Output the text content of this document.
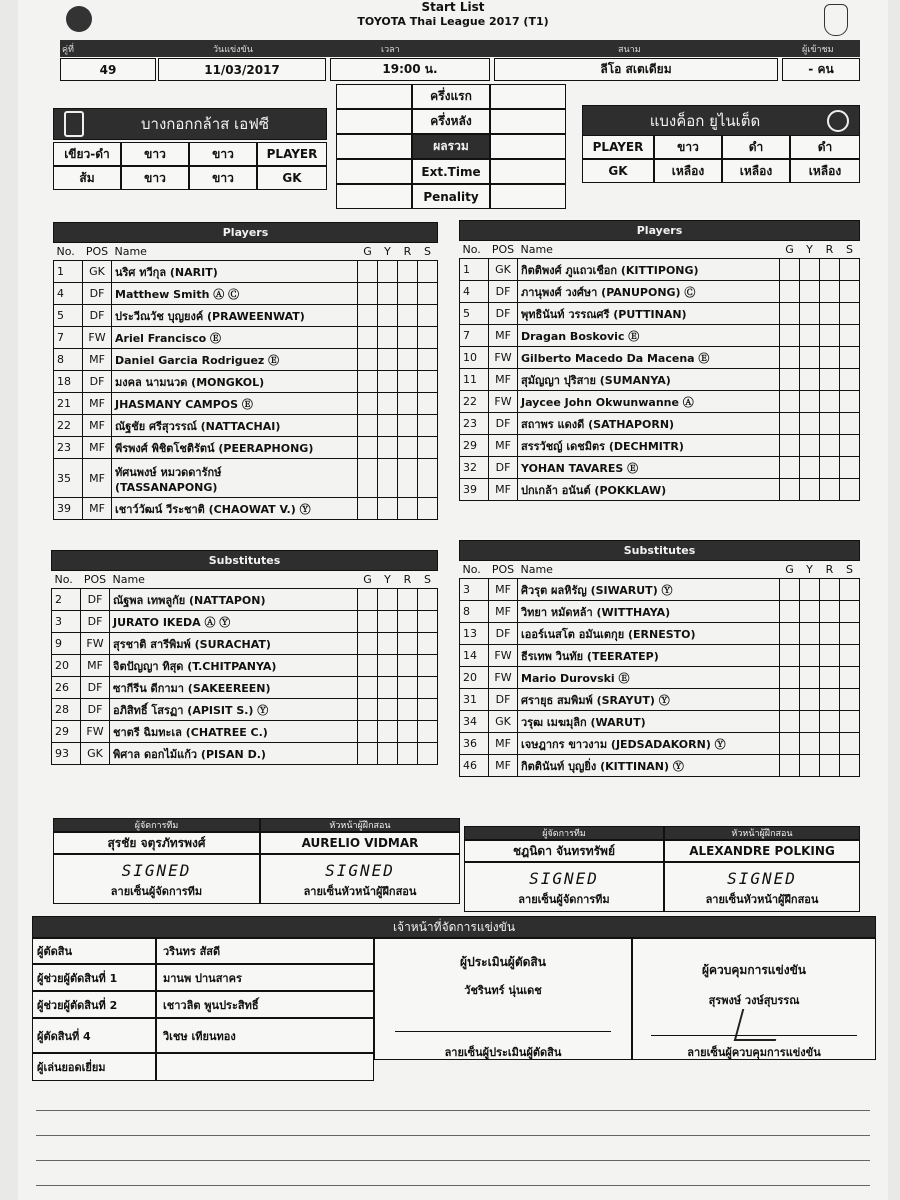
Start List
TOYOTA Thai League 2017 (T1)
คู่ที่	วันแข่งขัน	เวลา	สนาม	ผู้เข้าชม
49	11/03/2017	19:00 น.	ลีโอ สเตเดียม	- คน
บางกอกกล้าส เอฟซี
เขียว-ดำ	ขาว	ขาว	PLAYER
ส้ม	ขาว	ขาว	GK
ครึ่งแรก
ครึ่งหลัง
ผลรวม
Ext.Time
Penality
แบงค็อก ยูไนเต็ด
PLAYER	ขาว	ดำ	ดำ
GK	เหลือง	เหลือง	เหลือง
Players						
No.	POS	Name	G	Y	R	S
1	GK	นริศ ทวีกุล (NARIT)				

4	DF	Matthew Smith Ⓐ Ⓒ				

5	DF	ประวีณวัช บุญยงค์ (PRAWEENWAT)				

7	FW	Ariel Francisco Ⓔ				

8	MF	Daniel Garcia Rodriguez Ⓔ				

18	DF	มงคล นามนวด (MONGKOL)				

21	MF	JHASMANY CAMPOS Ⓔ				

22	MF	ณัฐชัย ศรีสุวรรณ์ (NATTACHAI)				

23	MF	พีรพงศ์ พิชิตโชติรัตน์ (PEERAPHONG)				

35	MF	ทัศนพงษ์ หมวดดารักษ์
(TASSANAPONG)				

39	MF	เชาว์วัฒน์ วีระชาติ (CHAOWAT V.) Ⓨ				

Players						
No.	POS	Name	G	Y	R	S
1	GK	กิตติพงศ์ ภูแถวเชือก (KITTIPONG)				

4	DF	ภานุพงศ์ วงศ์ษา (PANUPONG) Ⓒ				

5	DF	พุทธินันท์ วรรณศรี (PUTTINAN)				

7	MF	Dragan Boskovic Ⓔ				

10	FW	Gilberto Macedo Da Macena Ⓔ				

11	MF	สุมัญญา ปุริสาย (SUMANYA)				

22	FW	Jaycee John Okwunwanne Ⓐ				

23	DF	สถาพร แดงดี (SATHAPORN)				

29	MF	สรรวัชญ์ เดชมิตร (DECHMITR)				

32	DF	YOHAN TAVARES Ⓔ				

39	MF	ปกเกล้า อนันต์ (POKKLAW)				

Substitutes						
No.	POS	Name	G	Y	R	S
2	DF	ณัฐพล เทพลูกัย (NATTAPON)				

3	DF	JURATO IKEDA Ⓐ Ⓨ				

9	FW	สุรชาติ สารีพิมพ์ (SURACHAT)				

20	MF	จิตปัญญา ทิสุด (T.CHITPANYA)				

26	DF	ซากีรีน ดีกามา (SAKEEREEN)				

28	DF	อภิสิทธิ์ โสรฏา (APISIT S.) Ⓨ				

29	FW	ชาตรี ฉิมทะเล (CHATREE C.)				

93	GK	พิศาล ดอกไม้แก้ว (PISAN D.)				

Substitutes						
No.	POS	Name	G	Y	R	S
3	MF	ศิวรุต ผลหิรัญ (SIWARUT) Ⓨ				

8	MF	วิทยา หมัดหล้า (WITTHAYA)				

13	DF	เออร์เนสโต อมันเตกุย (ERNESTO)				

14	FW	ธีรเทพ วินทัย (TEERATEP)				

20	FW	Mario Durovski Ⓔ				

31	DF	ศรายุธ สมพิมพ์ (SRAYUT) Ⓨ				

34	GK	วรุฒ เมฆมุลิก (WARUT)				

36	MF	เจษฎากร ขาวงาม (JEDSADAKORN) Ⓨ				

46	MF	กิตตินันท์ บุญยิ่ง (KITTINAN) Ⓨ				

ผู้จัดการทีม
สุรชัย จตุรภัทรพงศ์
SIGNED
ลายเซ็นผู้จัดการทีม
หัวหน้าผู้ฝึกสอน
AURELIO VIDMAR
SIGNED
ลายเซ็นหัวหน้าผู้ฝึกสอน
ผู้จัดการทีม
ชฎนิดา จันทรทรัพย์
SIGNED
ลายเซ็นผู้จัดการทีม
หัวหน้าผู้ฝึกสอน
ALEXANDRE POLKING
SIGNED
ลายเซ็นหัวหน้าผู้ฝึกสอน
เจ้าหน้าที่จัดการแข่งขัน
ผู้ตัดสิน	วรินทร สัสดี
ผู้ช่วยผู้ตัดสินที่ 1	มานพ ปานสาคร
ผู้ช่วยผู้ตัดสินที่ 2	เชาวลิต พูนประสิทธิ์
ผู้ตัดสินที่ 4	วิเชษ เทียนทอง
ผู้เล่นยอดเยี่ยม
ผู้ประเมินผู้ตัดสิน
วัชรินทร์ นุ่นเดช
ลายเซ็นผู้ประเมินผู้ตัดสิน
ผู้ควบคุมการแข่งขัน
สุรพงษ์ วงษ์สุบรรณ
ลายเซ็นผู้ควบคุมการแข่งขัน
